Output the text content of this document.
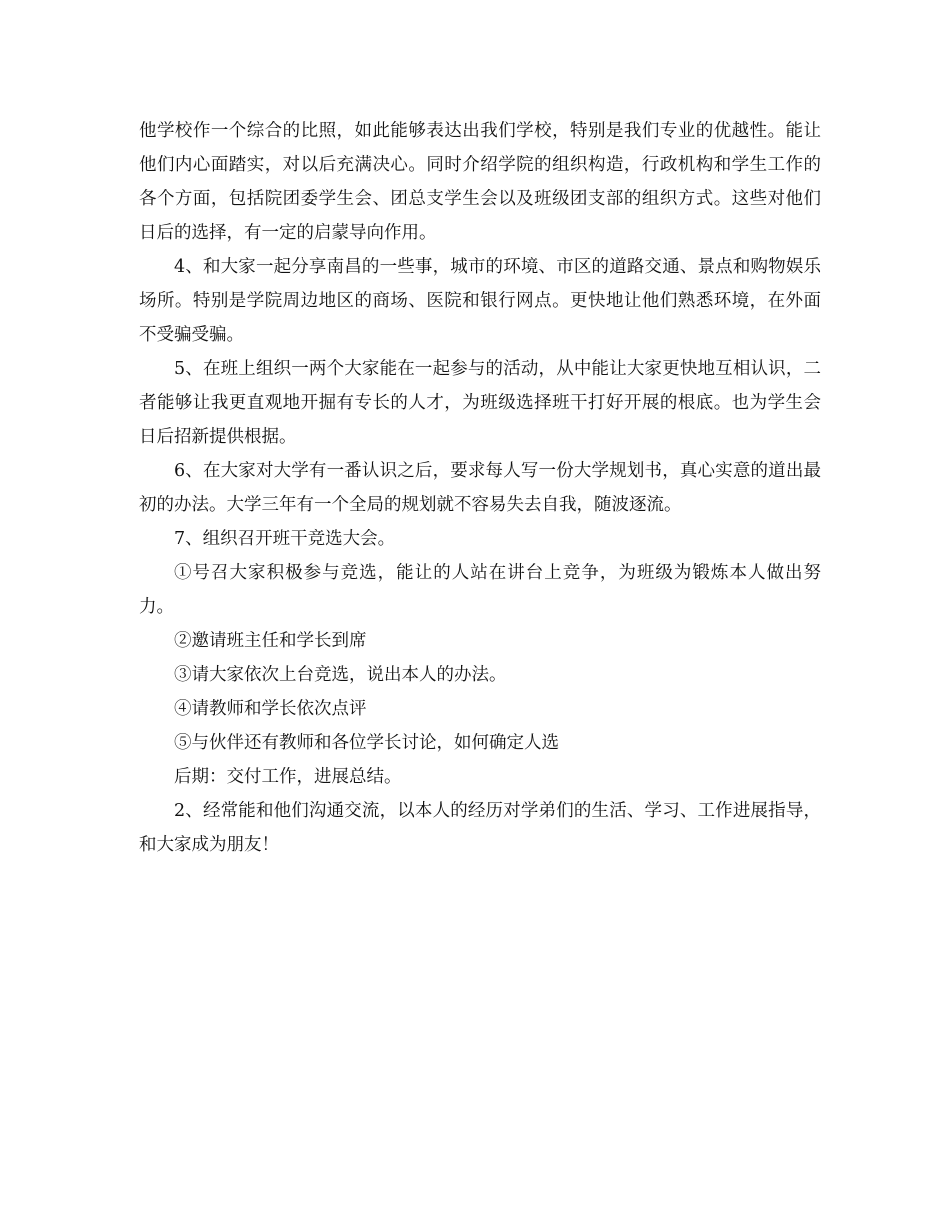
他学校作一个综合的比照，如此能够表达出我们学校，特别是我们专业的优越性。能让他们内心面踏实，对以后充满决心。同时介绍学院的组织构造，行政机构和学生工作的各个方面，包括院团委学生会、团总支学生会以及班级团支部的组织方式。这些对他们日后的选择，有一定的启蒙导向作用。

4、和大家一起分享南昌的一些事，城市的环境、市区的道路交通、景点和购物娱乐场所。特别是学院周边地区的商场、医院和银行网点。更快地让他们熟悉环境，在外面不受骗受骗。

5、在班上组织一两个大家能在一起参与的活动，从中能让大家更快地互相认识，二者能够让我更直观地开掘有专长的人才，为班级选择班干打好开展的根底。也为学生会日后招新提供根据。

6、在大家对大学有一番认识之后，要求每人写一份大学规划书，真心实意的道出最初的办法。大学三年有一个全局的规划就不容易失去自我，随波逐流。

7、组织召开班干竞选大会。

①号召大家积极参与竞选，能让的人站在讲台上竞争，为班级为锻炼本人做出努力。

②邀请班主任和学长到席

③请大家依次上台竞选，说出本人的办法。

④请教师和学长依次点评

⑤与伙伴还有教师和各位学长讨论，如何确定人选

后期：交付工作，进展总结。

2、经常能和他们沟通交流，以本人的经历对学弟们的生活、学习、工作进展指导，和大家成为朋友！
